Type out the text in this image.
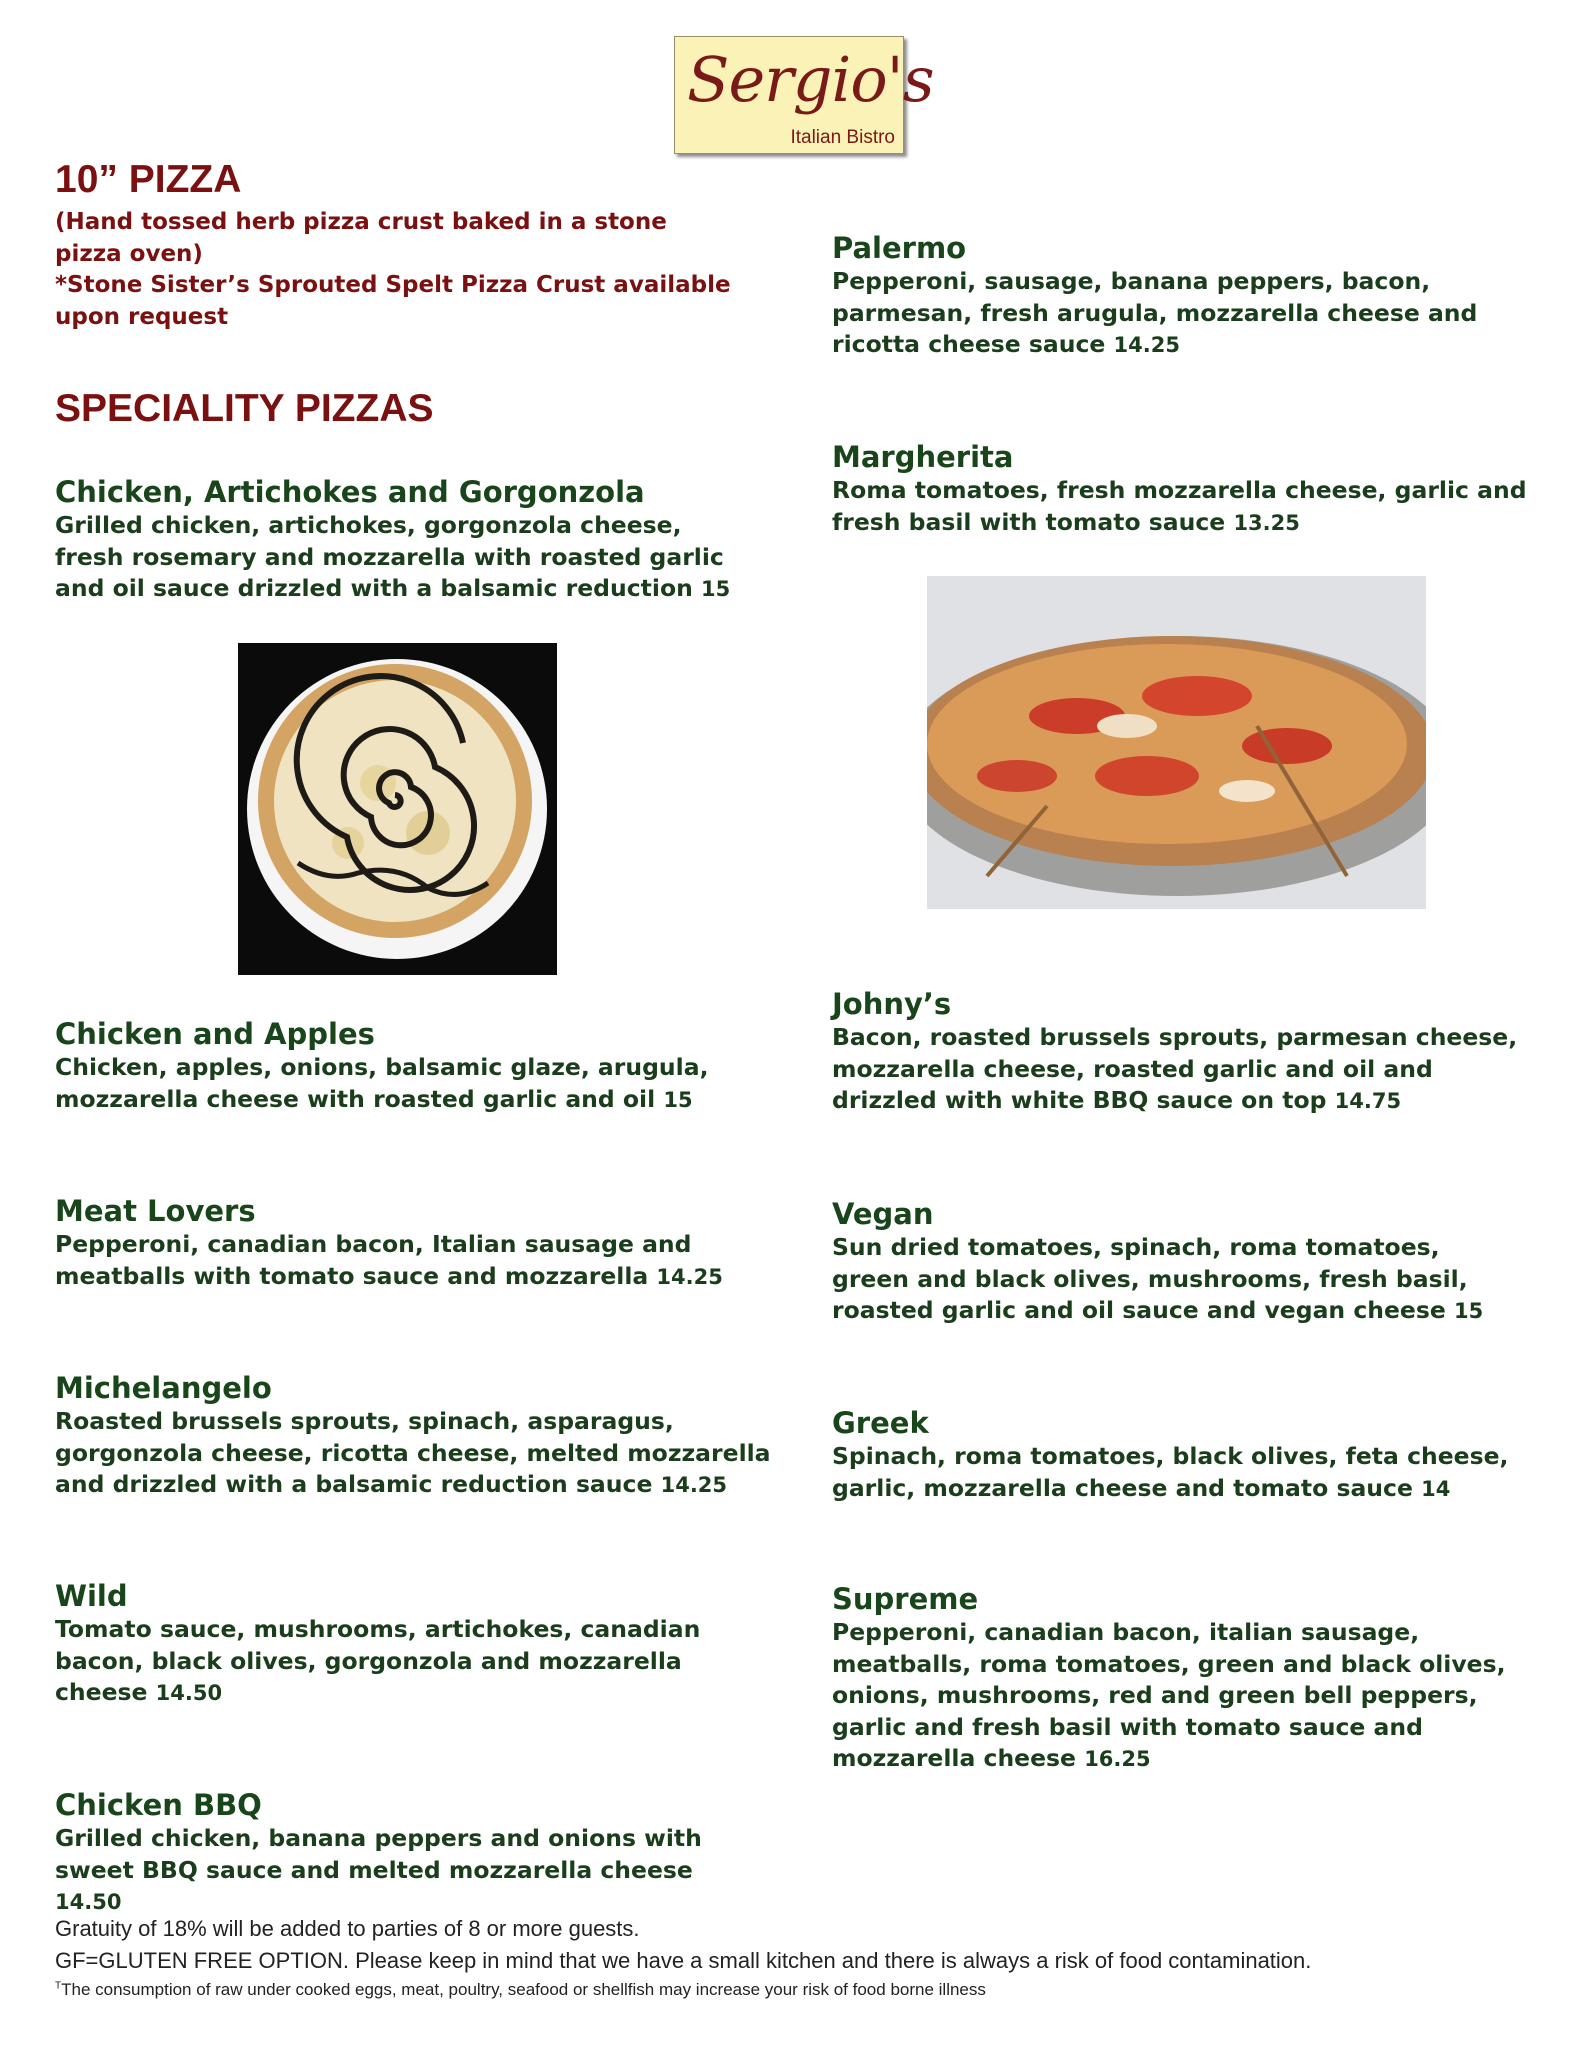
Sergio's
Italian Bistro
10” PIZZA
(Hand tossed herb pizza crust baked in a stone pizza oven)
*Stone Sister’s Sprouted Spelt Pizza Crust available upon request
SPECIALITY PIZZAS
Chicken, Artichokes and Gorgonzola
Grilled chicken, artichokes, gorgonzola cheese, fresh rosemary and mozzarella with roasted garlic and oil sauce drizzled with a balsamic reduction 15
Chicken and Apples
Chicken, apples, onions, balsamic glaze, arugula, mozzarella cheese with roasted garlic and oil 15
Meat Lovers
Pepperoni, canadian bacon, Italian sausage and meatballs with tomato sauce and mozzarella 14.25
Michelangelo
Roasted brussels sprouts, spinach, asparagus, gorgonzola cheese, ricotta cheese, melted mozzarella and drizzled with a balsamic reduction sauce 14.25
Wild
Tomato sauce, mushrooms, artichokes, canadian bacon, black olives, gorgonzola and mozzarella cheese 14.50
Chicken BBQ
Grilled chicken, banana peppers and onions with sweet BBQ sauce and melted mozzarella cheese 14.50
Palermo
Pepperoni, sausage, banana peppers, bacon, parmesan, fresh arugula, mozzarella cheese and ricotta cheese sauce 14.25
Margherita
Roma tomatoes, fresh mozzarella cheese, garlic and fresh basil with tomato sauce 13.25
Johny’s
Bacon, roasted brussels sprouts, parmesan cheese, mozzarella cheese, roasted garlic and oil and drizzled with white BBQ sauce on top 14.75
Vegan
Sun dried tomatoes, spinach, roma tomatoes, green and black olives, mushrooms, fresh basil, roasted garlic and oil sauce and vegan cheese 15
Greek
Spinach, roma tomatoes, black olives, feta cheese, garlic, mozzarella cheese and tomato sauce 14
Supreme
Pepperoni, canadian bacon, italian sausage, meatballs, roma tomatoes, green and black olives, onions, mushrooms, red and green bell peppers, garlic and fresh basil with tomato sauce and mozzarella cheese 16.25
Gratuity of 18% will be added to parties of 8 or more guests.
GF=GLUTEN FREE OPTION. Please keep in mind that we have a small kitchen and there is always a risk of food contamination.
$^T$The consumption of raw under cooked eggs, meat, poultry, seafood or shellfish may increase your risk of food borne illness
